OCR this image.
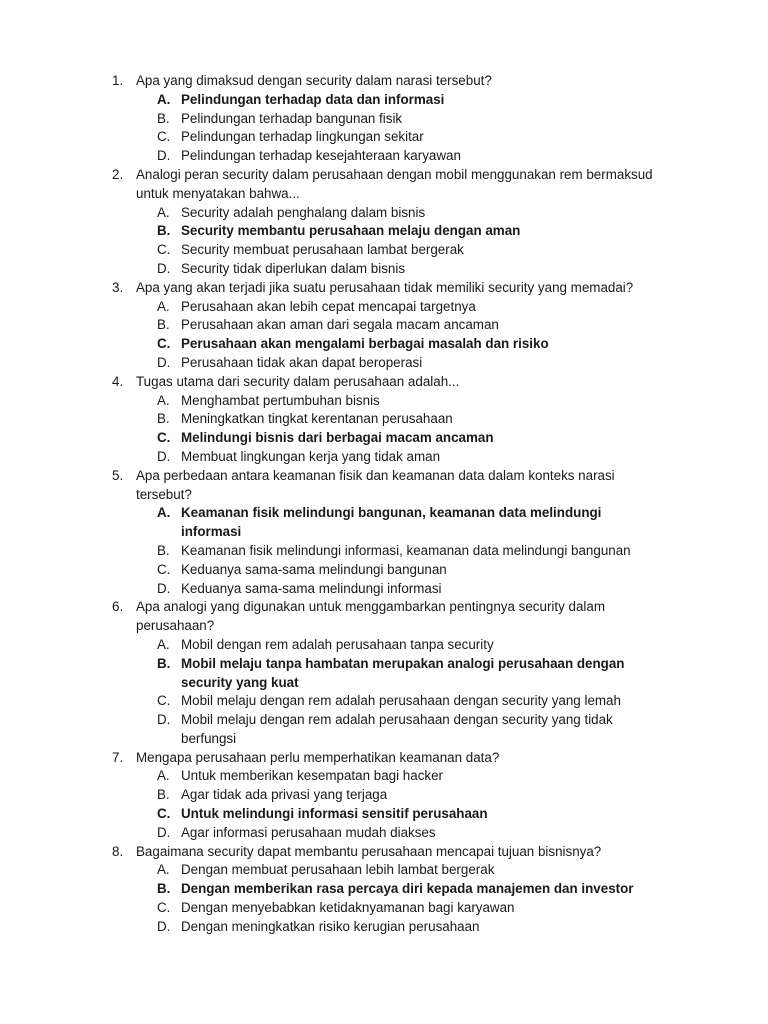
1. Apa yang dimaksud dengan security dalam narasi tersebut?
A. Pelindungan terhadap data dan informasi
B. Pelindungan terhadap bangunan fisik
C. Pelindungan terhadap lingkungan sekitar
D. Pelindungan terhadap kesejahteraan karyawan
2. Analogi peran security dalam perusahaan dengan mobil menggunakan rem bermaksud
untuk menyatakan bahwa...
A. Security adalah penghalang dalam bisnis
B. Security membantu perusahaan melaju dengan aman
C. Security membuat perusahaan lambat bergerak
D. Security tidak diperlukan dalam bisnis
3. Apa yang akan terjadi jika suatu perusahaan tidak memiliki security yang memadai?
A. Perusahaan akan lebih cepat mencapai targetnya
B. Perusahaan akan aman dari segala macam ancaman
C. Perusahaan akan mengalami berbagai masalah dan risiko
D. Perusahaan tidak akan dapat beroperasi
4. Tugas utama dari security dalam perusahaan adalah...
A. Menghambat pertumbuhan bisnis
B. Meningkatkan tingkat kerentanan perusahaan
C. Melindungi bisnis dari berbagai macam ancaman
D. Membuat lingkungan kerja yang tidak aman
5. Apa perbedaan antara keamanan fisik dan keamanan data dalam konteks narasi
tersebut?
A. Keamanan fisik melindungi bangunan, keamanan data melindungi
informasi
B. Keamanan fisik melindungi informasi, keamanan data melindungi bangunan
C. Keduanya sama-sama melindungi bangunan
D. Keduanya sama-sama melindungi informasi
6. Apa analogi yang digunakan untuk menggambarkan pentingnya security dalam
perusahaan?
A. Mobil dengan rem adalah perusahaan tanpa security
B. Mobil melaju tanpa hambatan merupakan analogi perusahaan dengan
security yang kuat
C. Mobil melaju dengan rem adalah perusahaan dengan security yang lemah
D. Mobil melaju dengan rem adalah perusahaan dengan security yang tidak
berfungsi
7. Mengapa perusahaan perlu memperhatikan keamanan data?
A. Untuk memberikan kesempatan bagi hacker
B. Agar tidak ada privasi yang terjaga
C. Untuk melindungi informasi sensitif perusahaan
D. Agar informasi perusahaan mudah diakses
8. Bagaimana security dapat membantu perusahaan mencapai tujuan bisnisnya?
A. Dengan membuat perusahaan lebih lambat bergerak
B. Dengan memberikan rasa percaya diri kepada manajemen dan investor
C. Dengan menyebabkan ketidaknyamanan bagi karyawan
D. Dengan meningkatkan risiko kerugian perusahaan
